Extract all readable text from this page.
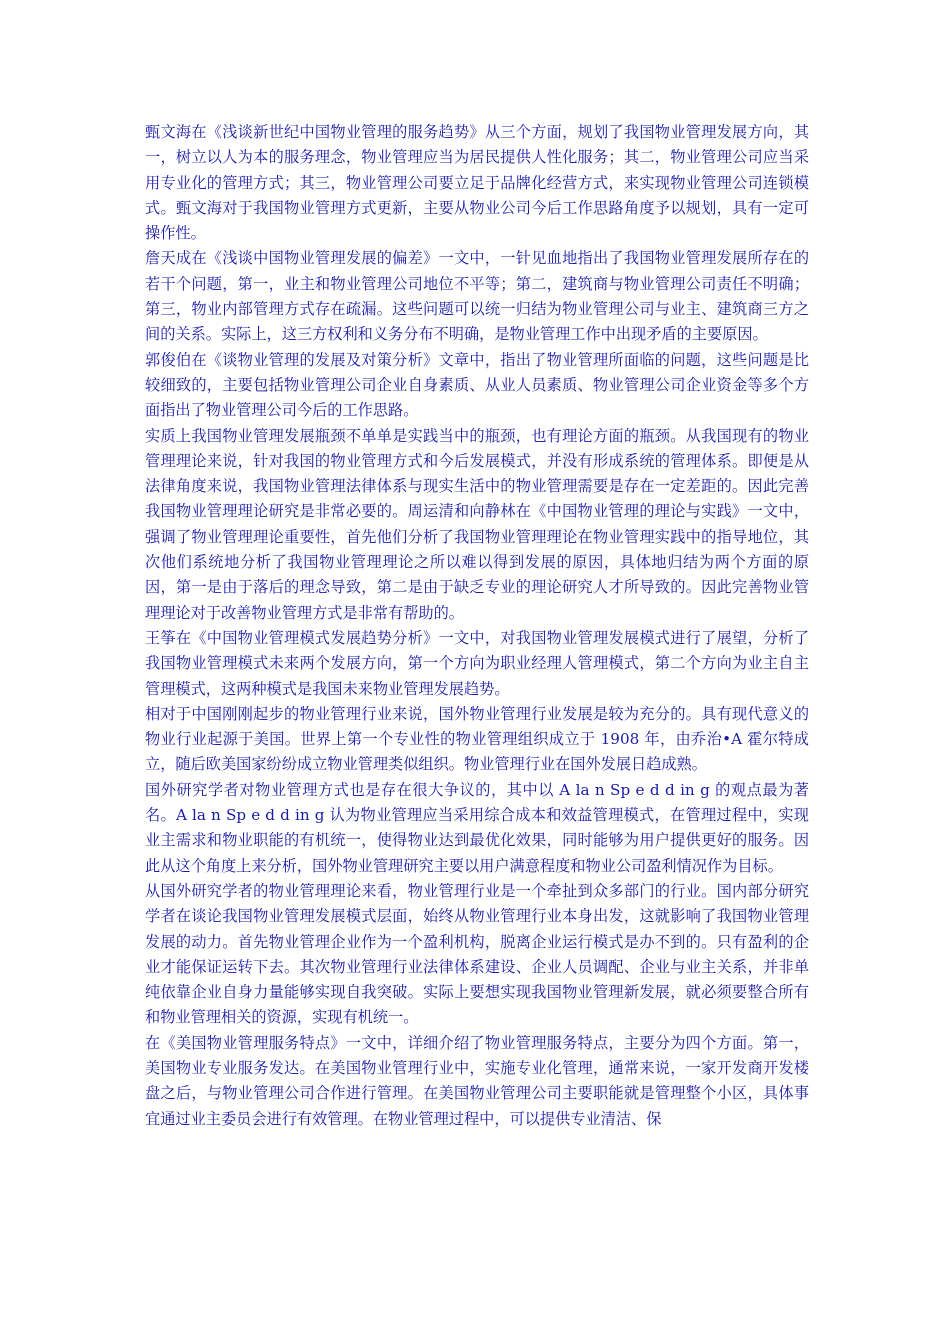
甄文海在《浅谈新世纪中国物业管理的服务趋势》从三个方面，规划了我国物业管理发展方向，其一，树立以人为本的服务理念，物业管理应当为居民提供人性化服务；其二，物业管理公司应当采用专业化的管理方式；其三，物业管理公司要立足于品牌化经营方式，来实现物业管理公司连锁模式。甄文海对于我国物业管理方式更新，主要从物业公司今后工作思路角度予以规划，具有一定可操作性。

詹天成在《浅谈中国物业管理发展的偏差》一文中，一针见血地指出了我国物业管理发展所存在的若干个问题，第一，业主和物业管理公司地位不平等；第二，建筑商与物业管理公司责任不明确；第三，物业内部管理方式存在疏漏。这些问题可以统一归结为物业管理公司与业主、建筑商三方之间的关系。实际上，这三方权利和义务分布不明确，是物业管理工作中出现矛盾的主要原因。

郭俊伯在《谈物业管理的发展及对策分析》文章中，指出了物业管理所面临的问题，这些问题是比较细致的，主要包括物业管理公司企业自身素质、从业人员素质、物业管理公司企业资金等多个方面指出了物业管理公司今后的工作思路。

实质上我国物业管理发展瓶颈不单单是实践当中的瓶颈，也有理论方面的瓶颈。从我国现有的物业管理理论来说，针对我国的物业管理方式和今后发展模式，并没有形成系统的管理体系。即便是从法律角度来说，我国物业管理法律体系与现实生活中的物业管理需要是存在一定差距的。因此完善我国物业管理理论研究是非常必要的。周运清和向静林在《中国物业管理的理论与实践》一文中，强调了物业管理理论重要性，首先他们分析了我国物业管理理论在物业管理实践中的指导地位，其次他们系统地分析了我国物业管理理论之所以难以得到发展的原因，具体地归结为两个方面的原因，第一是由于落后的理念导致，第二是由于缺乏专业的理论研究人才所导致的。因此完善物业管理理论对于改善物业管理方式是非常有帮助的。

王筝在《中国物业管理模式发展趋势分析》一文中，对我国物业管理发展模式进行了展望，分析了我国物业管理模式未来两个发展方向，第一个方向为职业经理人管理模式，第二个方向为业主自主管理模式，这两种模式是我国未来物业管理发展趋势。

相对于中国刚刚起步的物业管理行业来说，国外物业管理行业发展是较为充分的。具有现代意义的物业行业起源于美国。世界上第一个专业性的物业管理组织成立于 1908 年，由乔治•A 霍尔特成立，随后欧美国家纷纷成立物业管理类似组织。物业管理行业在国外发展日趋成熟。

国外研究学者对物业管理方式也是存在很大争议的，其中以 A la n Sp e d d in g 的观点最为著名。A la n Sp e d d in g 认为物业管理应当采用综合成本和效益管理模式，在管理过程中，实现业主需求和物业职能的有机统一，使得物业达到最优化效果，同时能够为用户提供更好的服务。因此从这个角度上来分析，国外物业管理研究主要以用户满意程度和物业公司盈利情况作为目标。

从国外研究学者的物业管理理论来看，物业管理行业是一个牵扯到众多部门的行业。国内部分研究学者在谈论我国物业管理发展模式层面，始终从物业管理行业本身出发，这就影响了我国物业管理发展的动力。首先物业管理企业作为一个盈利机构，脱离企业运行模式是办不到的。只有盈利的企业才能保证运转下去。其次物业管理行业法律体系建设、企业人员调配、企业与业主关系，并非单纯依靠企业自身力量能够实现自我突破。实际上要想实现我国物业管理新发展，就必须要整合所有和物业管理相关的资源，实现有机统一。

在《美国物业管理服务特点》一文中，详细介绍了物业管理服务特点，主要分为四个方面。第一，美国物业专业服务发达。在美国物业管理行业中，实施专业化管理，通常来说，一家开发商开发楼盘之后，与物业管理公司合作进行管理。在美国物业管理公司主要职能就是管理整个小区，具体事宜通过业主委员会进行有效管理。在物业管理过程中，可以提供专业清洁、保
